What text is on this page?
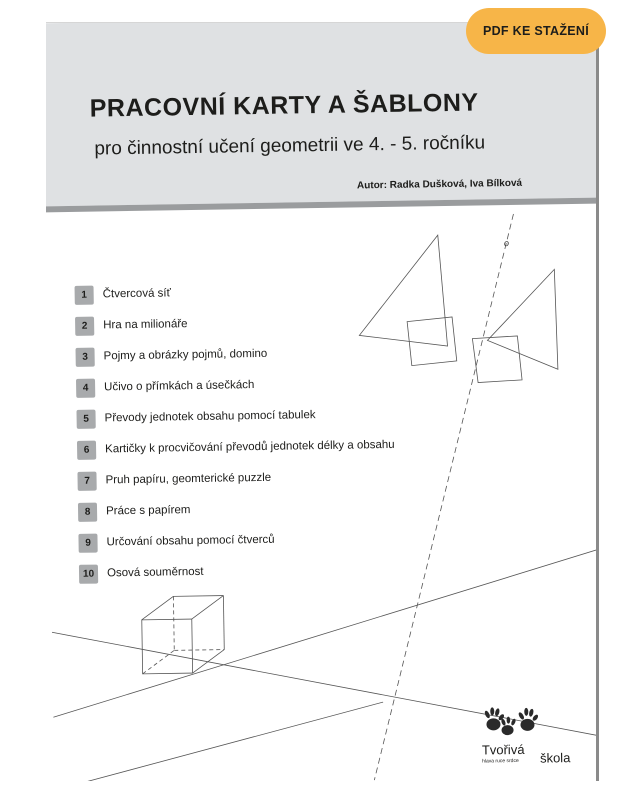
PRACOVNÍ KARTY A ŠABLONY
pro činnostní učení geometrii ve 4. - 5. ročníku
Autor: Radka Dušková, Iva Bílková
o
1	Čtvercová síť
2	Hra na milionáře
3	Pojmy a obrázky pojmů, domino
4	Učivo o přímkách a úsečkách
5	Převody jednotek obsahu pomocí tabulek
6	Kartičky k procvičování převodů jednotek délky a obsahu
7	Pruh papíru, geomterické puzzle
8	Práce s papírem
9	Určování obsahu pomocí čtverců
10	Osová souměrnost
Tvořivá
hlava ruce srdce škola
PDF KE STAŽENÍ
